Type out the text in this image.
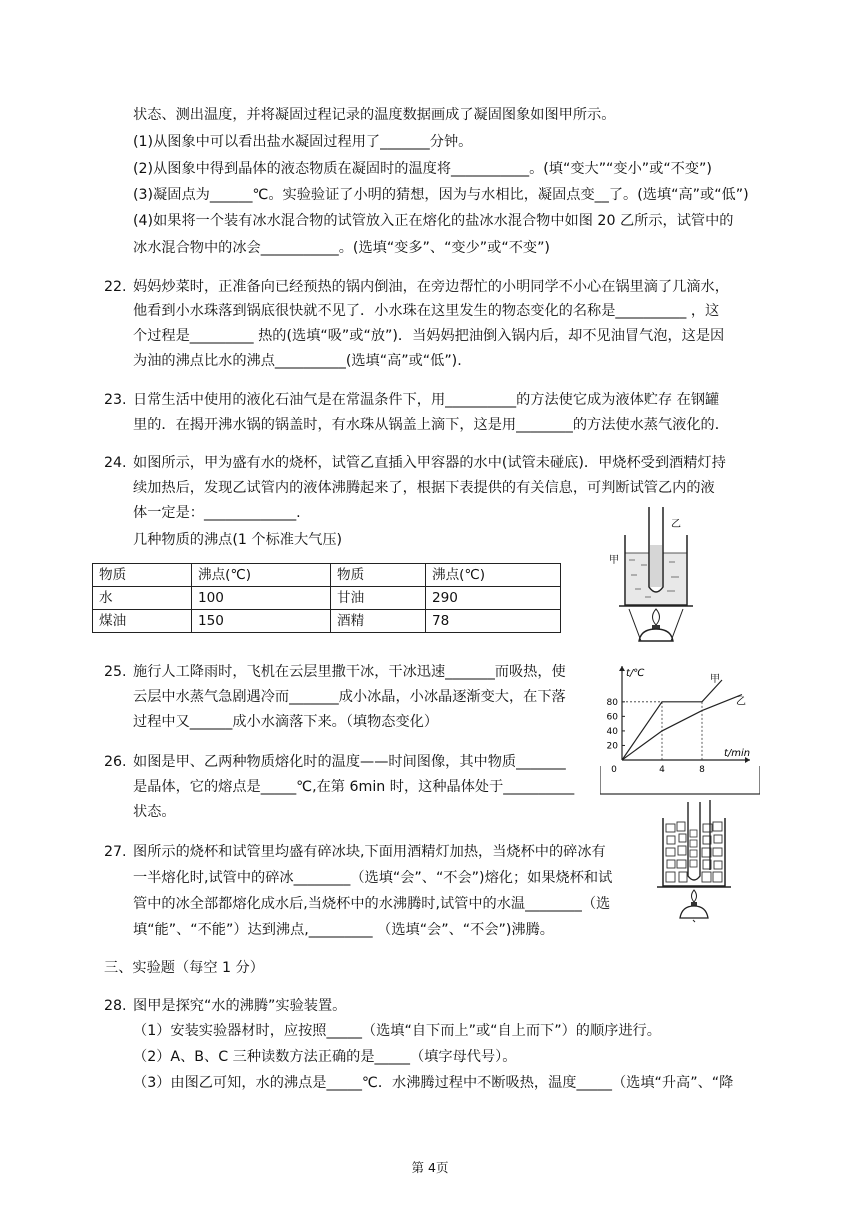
状态、测出温度，并将凝固过程记录的温度数据画成了凝固图象如图甲所示。
(1)从图象中可以看出盐水凝固过程用了_______分钟。
(2)从图象中得到晶体的液态物质在凝固时的温度将___________。(填“变大”“变小”或“不变”)
(3)凝固点为______℃。实验验证了小明的猜想，因为与水相比，凝固点变__了。(选填“高”或“低”)
(4)如果将一个装有冰水混合物的试管放入正在熔化的盐冰水混合物中如图 20 乙所示，试管中的
冰水混合物中的冰会___________。(选填“变多”、“变少”或“不变”)
22. 妈妈炒菜时，正准备向已经预热的锅内倒油，在旁边帮忙的小明同学不小心在锅里滴了几滴水，
他看到小水珠落到锅底很快就不见了．小水珠在这里发生的物态变化的名称是__________ ，这
个过程是_________ 热的(选填“吸”或“放”)．当妈妈把油倒入锅内后，却不见油冒气泡，这是因
为油的沸点比水的沸点__________(选填“高”或“低”).
23. 日常生活中使用的液化石油气是在常温条件下，用__________的方法使它成为液体贮存 在钢罐
里的．在揭开沸水锅的锅盖时，有水珠从锅盖上滴下，这是用________的方法使水蒸气液化的．
24. 如图所示，甲为盛有水的烧杯，试管乙直插入甲容器的水中(试管未碰底)．甲烧杯受到酒精灯持
续加热后，发现乙试管内的液体沸腾起来了，根据下表提供的有关信息，可判断试管乙内的液
体一定是：_____________.
几种物质的沸点(1 个标准大气压)
物质	沸点(℃)	物质	沸点(℃)
水	100	甘油	290
煤油	150	酒精	78
甲
乙
25. 施行人工降雨时，飞机在云层里撒干冰，干冰迅速_______而吸热，使
云层中水蒸气急剧遇冷而_______成小冰晶，小冰晶逐渐变大，在下落
过程中又______成小水滴落下来。（填物态变化）
t/℃
t/min
20
40
60
80
0	4	8
甲
乙
26. 如图是甲、乙两种物质熔化时的温度——时间图像，其中物质_______
是晶体，它的熔点是_____℃,在第 6min 时，这种晶体处于__________
状态。
27. 图所示的烧杯和试管里均盛有碎冰块,下面用酒精灯加热，当烧杯中的碎冰有
一半熔化时,试管中的碎冰________（选填“会”、“不会”)熔化；如果烧杯和试
管中的冰全部都熔化成水后,当烧杯中的水沸腾时,试管中的水温________（选
填“能”、“不能”）达到沸点,_________ （选填“会”、“不会”)沸腾。
三、实验题（每空 1 分）
28. 图甲是探究“水的沸腾”实验装置。
（1）安装实验器材时，应按照_____（选填“自下而上”或“自上而下”）的顺序进行。
（2）A、B、C 三种读数方法正确的是_____（填字母代号）。
（3）由图乙可知，水的沸点是_____℃．水沸腾过程中不断吸热，温度_____（选填“升高”、“降
第 4页
